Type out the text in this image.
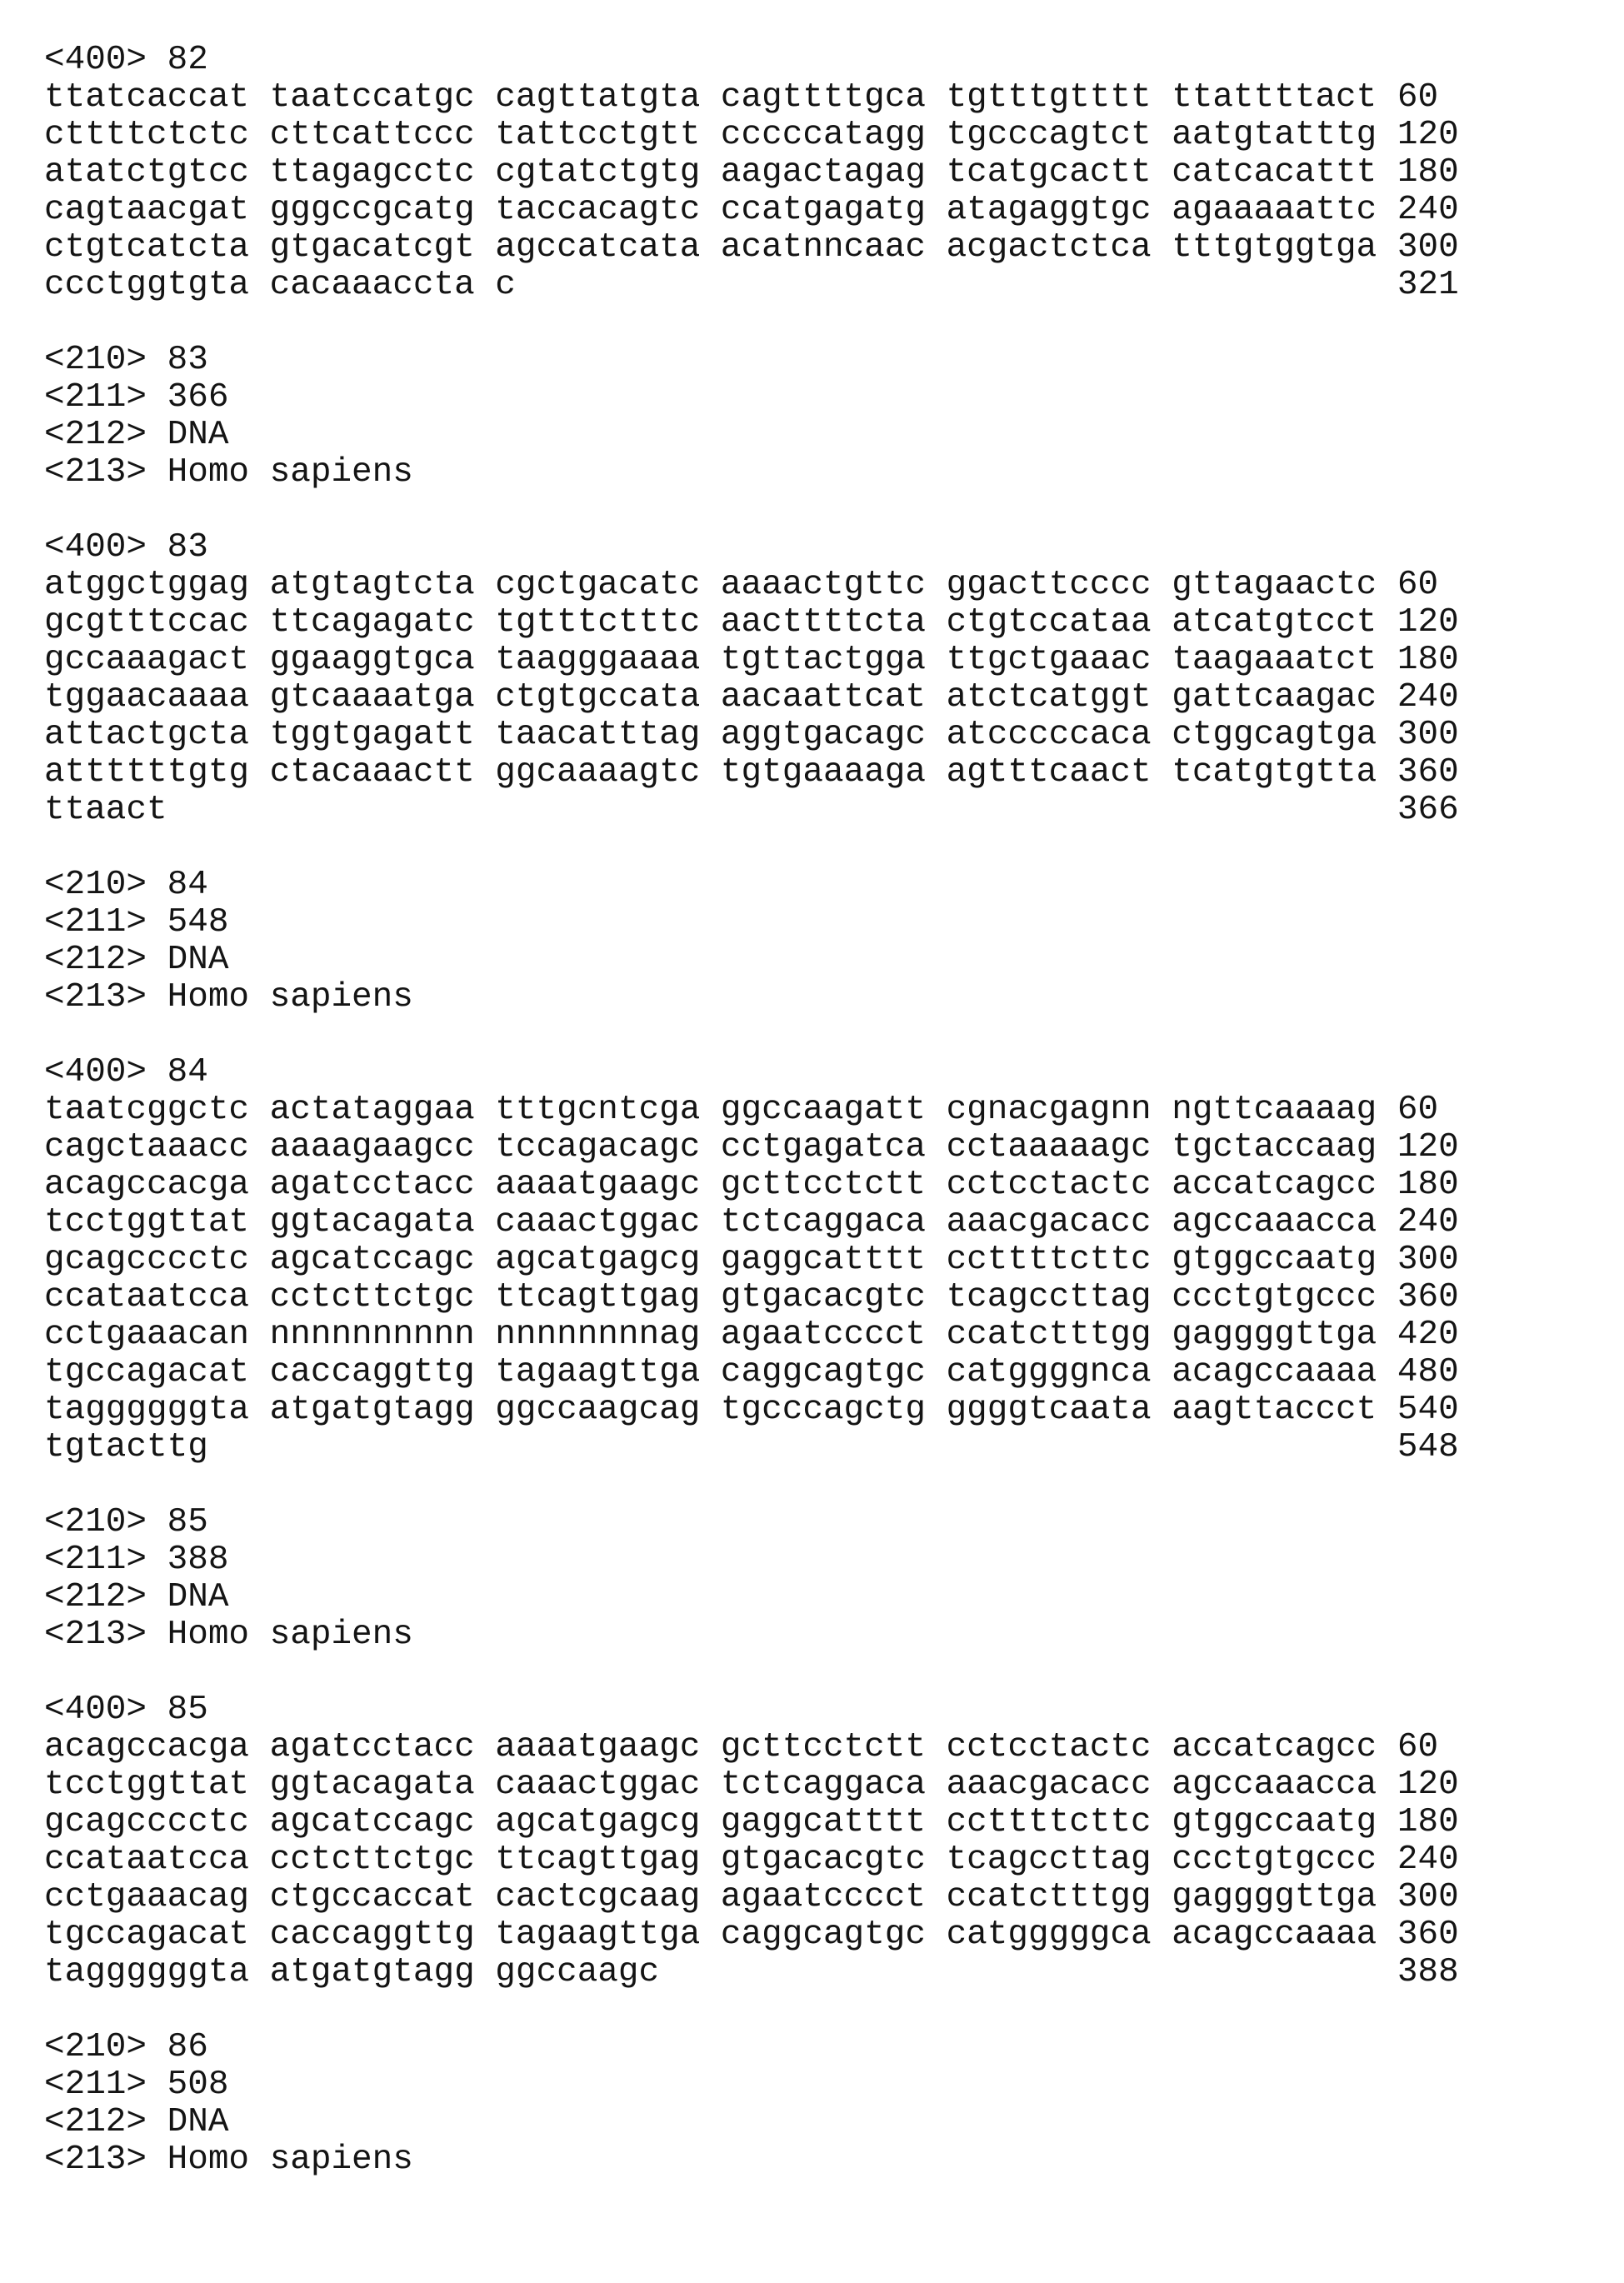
<400> 82
ttatcaccat taatccatgc cagttatgta cagttttgca tgtttgtttt ttattttact 60
cttttctctc cttcattccc tattcctgtt cccccatagg tgcccagtct aatgtatttg 120
atatctgtcc ttagagcctc cgtatctgtg aagactagag tcatgcactt catcacattt 180
cagtaacgat gggccgcatg taccacagtc ccatgagatg atagaggtgc agaaaaattc 240
ctgtcatcta gtgacatcgt agccatcata acatnncaac acgactctca tttgtggtga 300
ccctggtgta cacaaaccta c	321
<210> 83
<211> 366
<212> DNA
<213> Homo sapiens
<400> 83
atggctggag atgtagtcta cgctgacatc aaaactgttc ggacttcccc gttagaactc 60
gcgtttccac ttcagagatc tgtttctttc aacttttcta ctgtccataa atcatgtcct 120
gccaaagact ggaaggtgca taagggaaaa tgttactgga ttgctgaaac taagaaatct 180
tggaacaaaa gtcaaaatga ctgtgccata aacaattcat atctcatggt gattcaagac 240
attactgcta tggtgagatt taacatttag aggtgacagc atcccccaca ctggcagtga 300
attttttgtg ctacaaactt ggcaaaagtc tgtgaaaaga agtttcaact tcatgtgtta 360
ttaact	366
<210> 84
<211> 548
<212> DNA
<213> Homo sapiens
<400> 84
taatcggctc actataggaa tttgcntcga ggccaagatt cgnacgagnn ngttcaaaag 60
cagctaaacc aaaagaagcc tccagacagc cctgagatca cctaaaaagc tgctaccaag 120
acagccacga agatcctacc aaaatgaagc gcttcctctt cctcctactc accatcagcc 180
tcctggttat ggtacagata caaactggac tctcaggaca aaacgacacc agccaaacca 240
gcagcccctc agcatccagc agcatgagcg gaggcatttt ccttttcttc gtggccaatg 300
ccataatcca cctcttctgc ttcagttgag gtgacacgtc tcagccttag ccctgtgccc 360
cctgaaacan nnnnnnnnnn nnnnnnnnag agaatcccct ccatctttgg gaggggttga 420
tgccagacat caccaggttg tagaagttga caggcagtgc catggggnca acagccaaaa 480
taggggggta atgatgtagg ggccaagcag tgcccagctg ggggtcaata aagttaccct 540
tgtacttg	548
<210> 85
<211> 388
<212> DNA
<213> Homo sapiens
<400> 85
acagccacga agatcctacc aaaatgaagc gcttcctctt cctcctactc accatcagcc 60
tcctggttat ggtacagata caaactggac tctcaggaca aaacgacacc agccaaacca 120
gcagcccctc agcatccagc agcatgagcg gaggcatttt ccttttcttc gtggccaatg 180
ccataatcca cctcttctgc ttcagttgag gtgacacgtc tcagccttag ccctgtgccc 240
cctgaaacag ctgccaccat cactcgcaag agaatcccct ccatctttgg gaggggttga 300
tgccagacat caccaggttg tagaagttga caggcagtgc catgggggca acagccaaaa 360
taggggggta atgatgtagg ggccaagc	388
<210> 86
<211> 508
<212> DNA
<213> Homo sapiens
